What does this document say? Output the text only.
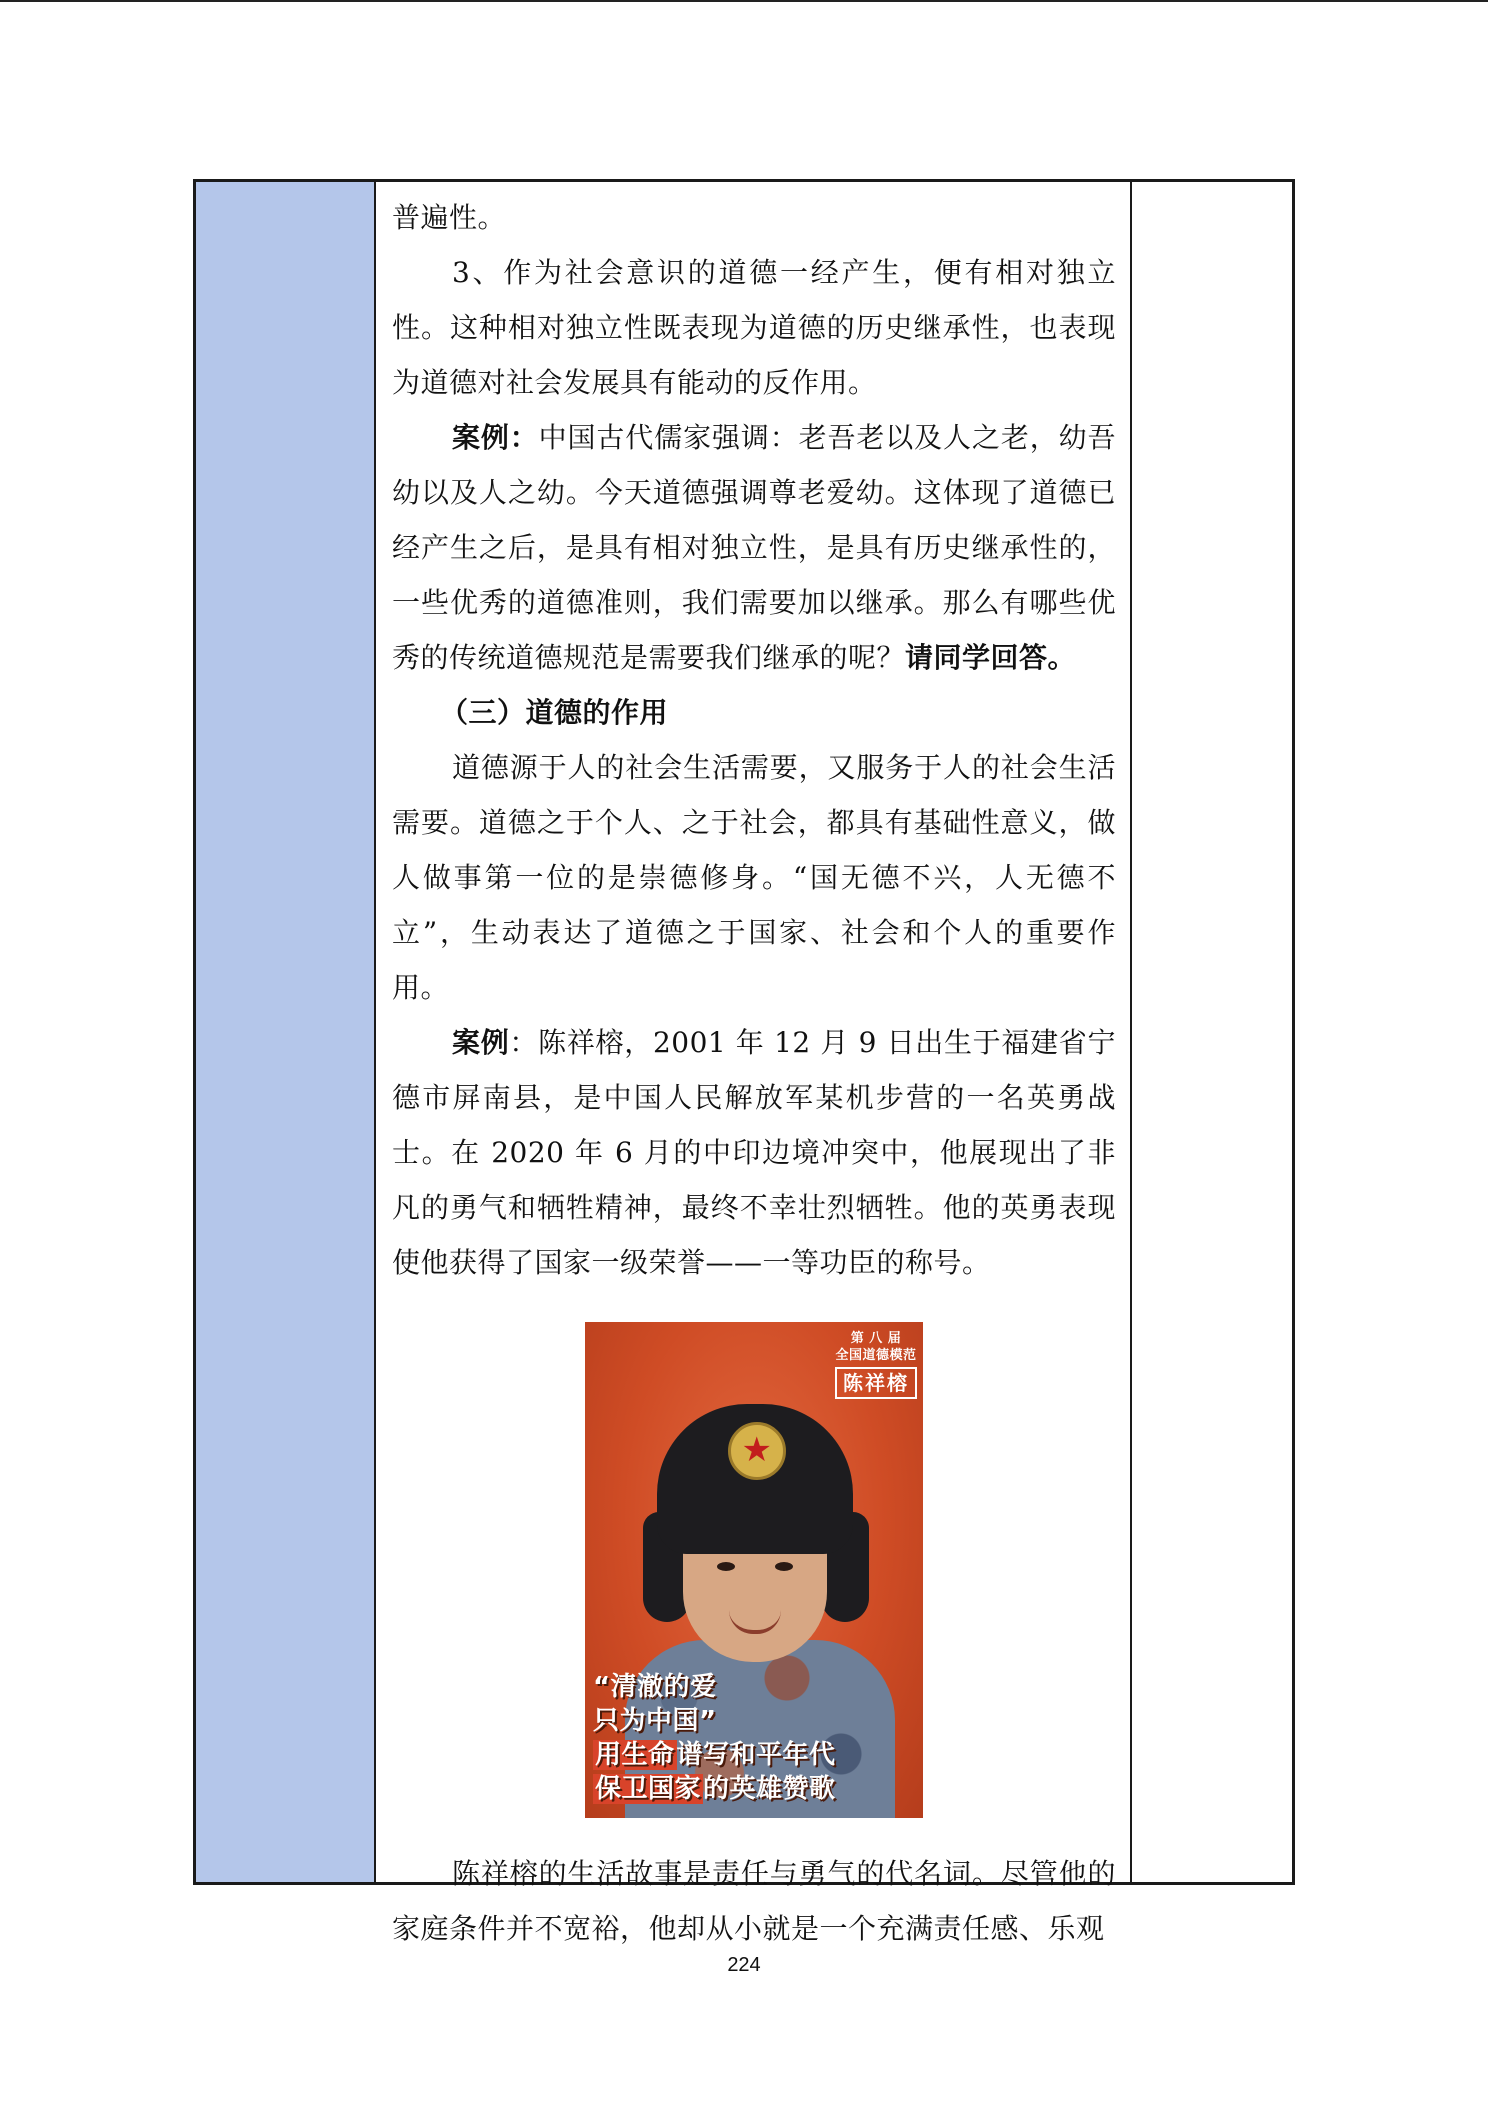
普遍性。

3、作为社会意识的道德一经产生，便有相对独立性。这种相对独立性既表现为道德的历史继承性，也表现为道德对社会发展具有能动的反作用。

案例：中国古代儒家强调：老吾老以及人之老，幼吾幼以及人之幼。今天道德强调尊老爱幼。这体现了道德已经产生之后，是具有相对独立性，是具有历史继承性的，一些优秀的道德准则，我们需要加以继承。那么有哪些优秀的传统道德规范是需要我们继承的呢？请同学回答。

（三）道德的作用

道德源于人的社会生活需要，又服务于人的社会生活需要。道德之于个人、之于社会，都具有基础性意义，做人做事第一位的是崇德修身。“国无德不兴，人无德不立”，生动表达了道德之于国家、社会和个人的重要作用。

案例：陈祥榕，2001 年 12 月 9 日出生于福建省宁德市屏南县，是中国人民解放军某机步营的一名英勇战士。在 2020 年 6 月的中印边境冲突中，他展现出了非凡的勇气和牺牲精神，最终不幸壮烈牺牲。他的英勇表现使他获得了国家一级荣誉——一等功臣的称号。

★
第 八 届
全国道德模范
陈祥榕
“清澈的爱
只为中国”
用生命谱写和平年代
保卫国家的英雄赞歌

陈祥榕的生活故事是责任与勇气的代名词。尽管他的家庭条件并不宽裕，他却从小就是一个充满责任感、乐观

224
